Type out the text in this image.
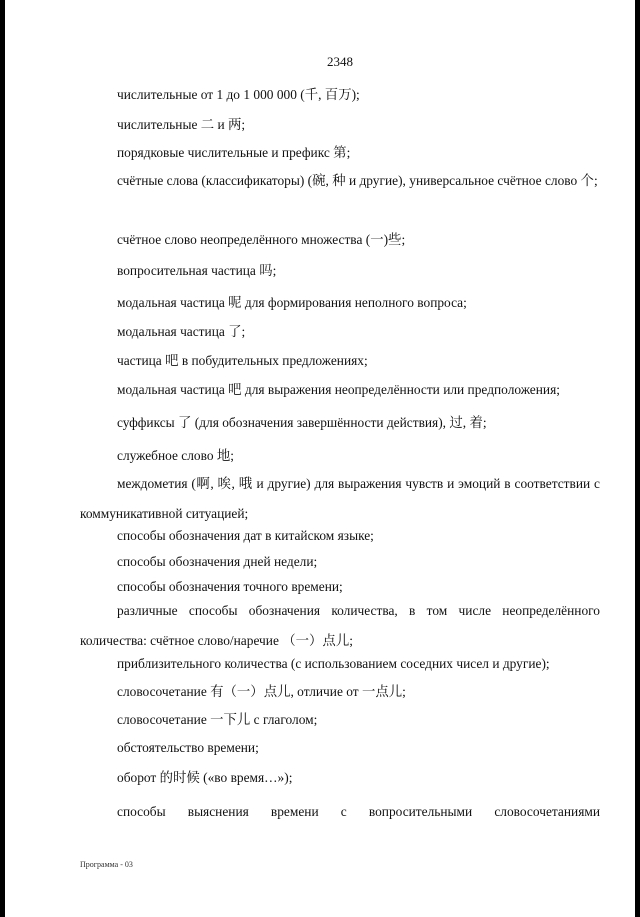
2348
числительные от 1 до 1 000 000 (千, 百万);
числительные 二 и 两;
порядковые числительные и префикс 第;
счётные слова (классификаторы) (碗, 种 и другие), универсальное счётное слово 个;
счётное слово неопределённого множества (一)些;
вопросительная частица 吗;
модальная частица 呢 для формирования неполного вопроса;
модальная частица 了;
частица 吧 в побудительных предложениях;
модальная частица 吧 для выражения неопределённости или предположения;
суффиксы 了 (для обозначения завершённости действия), 过, 着;
служебное слово 地;
междометия (啊, 唉, 哦 и другие) для выражения чувств и эмоций в соответствии с коммуникативной ситуацией;
способы обозначения дат в китайском языке;
способы обозначения дней недели;
способы обозначения точного времени;
различные способы обозначения количества, в том числе неопределённого количества: счётное слово/наречие （一）点儿;
приблизительного количества (с использованием соседних чисел и другие);
словосочетание 有（一）点儿, отличие от 一点儿;
словосочетание 一下儿 с глаголом;
обстоятельство времени;
оборот 的时候 («во время…»);
способы выяснения времени с вопросительными словосочетаниями
Программа - 03
